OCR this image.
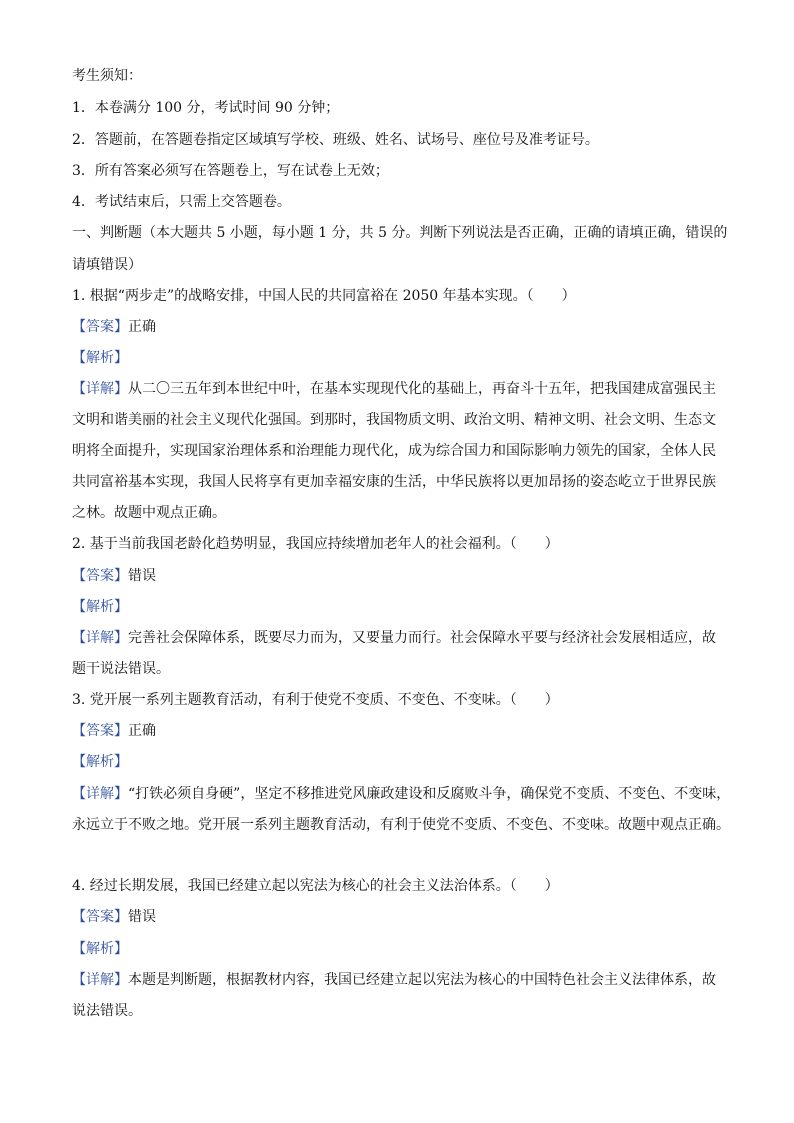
考生须知：
1．本卷满分 100 分，考试时间 90 分钟；
2．答题前，在答题卷指定区域填写学校、班级、姓名、试场号、座位号及准考证号。
3．所有答案必须写在答题卷上，写在试卷上无效；
4．考试结束后，只需上交答题卷。
一、判断题（本大题共 5 小题，每小题 1 分，共 5 分。判断下列说法是否正确，正确的请填正确，错误的
请填错误）
1. 根据“两步走”的战略安排，中国人民的共同富裕在 2050 年基本实现。（　　）
【答案】正确
【解析】
【详解】从二〇三五年到本世纪中叶，在基本实现现代化的基础上，再奋斗十五年，把我国建成富强民主
文明和谐美丽的社会主义现代化强国。到那时，我国物质文明、政治文明、精神文明、社会文明、生态文
明将全面提升，实现国家治理体系和治理能力现代化，成为综合国力和国际影响力领先的国家，全体人民
共同富裕基本实现，我国人民将享有更加幸福安康的生活，中华民族将以更加昂扬的姿态屹立于世界民族
之林。故题中观点正确。
2. 基于当前我国老龄化趋势明显，我国应持续增加老年人的社会福利。（　　）
【答案】错误
【解析】
【详解】完善社会保障体系，既要尽力而为，又要量力而行。社会保障水平要与经济社会发展相适应，故
题干说法错误。
3. 党开展一系列主题教育活动，有利于使党不变质、不变色、不变味。（　　）
【答案】正确
【解析】
【详解】“打铁必须自身硬”，坚定不移推进党风廉政建设和反腐败斗争，确保党不变质、不变色、不变味，
永远立于不败之地。党开展一系列主题教育活动，有利于使党不变质、不变色、不变味。故题中观点正确。
4. 经过长期发展，我国已经建立起以宪法为核心的社会主义法治体系。（　　）
【答案】错误
【解析】
【详解】本题是判断题，根据教材内容，我国已经建立起以宪法为核心的中国特色社会主义法律体系，故
说法错误。
